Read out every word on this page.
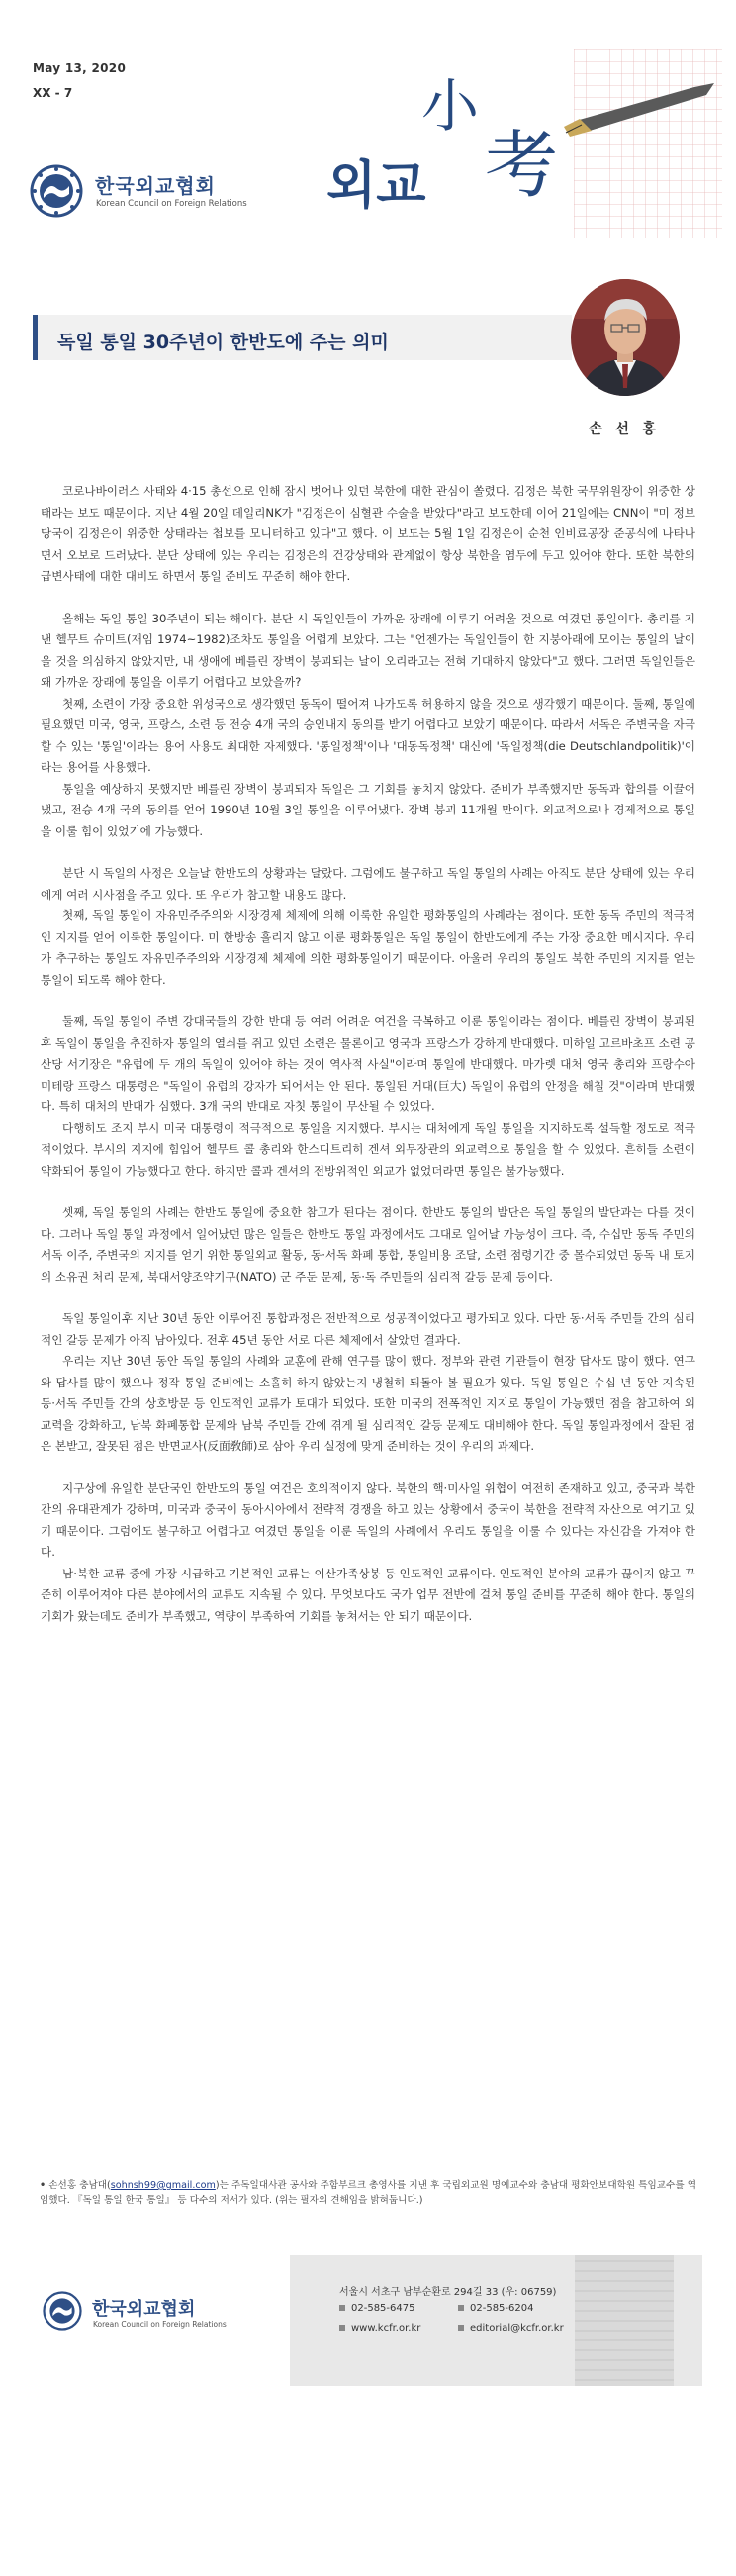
May 13, 2020
XX - 7
한국외교협회
Korean Council on Foreign Relations 외교
小
考
독일 통일 30주년이 한반도에 주는 의미
손 선 홍

코로나바이러스 사태와 4·15 총선으로 인해 잠시 벗어나 있던 북한에 대한 관심이 쏠렸다. 김정은 북한 국무위원장이 위중한 상태라는 보도 때문이다. 지난 4월 20일 데일리NK가 "김정은이 심혈관 수술을 받았다"라고 보도한데 이어 21일에는 CNN이 "미 정보당국이 김정은이 위중한 상태라는 첩보를 모니터하고 있다"고 했다. 이 보도는 5월 1일 김정은이 순천 인비료공장 준공식에 나타나면서 오보로 드러났다. 분단 상태에 있는 우리는 김정은의 건강상태와 관계없이 항상 북한을 염두에 두고 있어야 한다. 또한 북한의 급변사태에 대한 대비도 하면서 통일 준비도 꾸준히 해야 한다.

올해는 독일 통일 30주년이 되는 해이다. 분단 시 독일인들이 가까운 장래에 이루기 어려울 것으로 여겼던 통일이다. 총리를 지낸 헬무트 슈미트(재임 1974~1982)조차도 통일을 어렵게 보았다. 그는 "언젠가는 독일인들이 한 지붕아래에 모이는 통일의 날이 올 것을 의심하지 않았지만, 내 생애에 베를린 장벽이 붕괴되는 날이 오리라고는 전혀 기대하지 않았다"고 했다. 그러면 독일인들은 왜 가까운 장래에 통일을 이루기 어렵다고 보았을까?

첫째, 소련이 가장 중요한 위성국으로 생각했던 동독이 떨어져 나가도록 허용하지 않을 것으로 생각했기 때문이다. 둘째, 통일에 필요했던 미국, 영국, 프랑스, 소련 등 전승 4개 국의 승인내지 동의를 받기 어렵다고 보았기 때문이다. 따라서 서독은 주변국을 자극할 수 있는 '통일'이라는 용어 사용도 최대한 자제했다. '통일정책'이나 '대동독정책' 대신에 '독일정책(die Deutschlandpolitik)'이라는 용어를 사용했다.

통일을 예상하지 못했지만 베를린 장벽이 붕괴되자 독일은 그 기회를 놓치지 않았다. 준비가 부족했지만 동독과 합의를 이끌어냈고, 전승 4개 국의 동의를 얻어 1990년 10월 3일 통일을 이루어냈다. 장벽 붕괴 11개월 만이다. 외교적으로나 경제적으로 통일을 이룰 힘이 있었기에 가능했다.

분단 시 독일의 사정은 오늘날 한반도의 상황과는 달랐다. 그럼에도 불구하고 독일 통일의 사례는 아직도 분단 상태에 있는 우리에게 여러 시사점을 주고 있다. 또 우리가 참고할 내용도 많다.

첫째, 독일 통일이 자유민주주의와 시장경제 체제에 의해 이룩한 유일한 평화통일의 사례라는 점이다. 또한 동독 주민의 적극적인 지지를 얻어 이룩한 통일이다. 미 한방송 흘리지 않고 이룬 평화통일은 독일 통일이 한반도에게 주는 가장 중요한 메시지다. 우리가 추구하는 통일도 자유민주주의와 시장경제 체제에 의한 평화통일이기 때문이다. 아울러 우리의 통일도 북한 주민의 지지를 얻는 통일이 되도록 해야 한다.

둘째, 독일 통일이 주변 강대국들의 강한 반대 등 여러 어려운 여건을 극복하고 이룬 통일이라는 점이다. 베를린 장벽이 붕괴된 후 독일이 통일을 추진하자 통일의 열쇠를 쥐고 있던 소련은 물론이고 영국과 프랑스가 강하게 반대했다. 미하일 고르바초프 소련 공산당 서기장은 "유럽에 두 개의 독일이 있어야 하는 것이 역사적 사실"이라며 통일에 반대했다. 마가렛 대처 영국 총리와 프랑수아 미테랑 프랑스 대통령은 "독일이 유럽의 강자가 되어서는 안 된다. 통일된 거대(巨大) 독일이 유럽의 안정을 해칠 것"이라며 반대했다. 특히 대처의 반대가 심했다. 3개 국의 반대로 자칫 통일이 무산될 수 있었다.

다행히도 조지 부시 미국 대통령이 적극적으로 통일을 지지했다. 부시는 대처에게 독일 통일을 지지하도록 설득할 정도로 적극적이었다. 부시의 지지에 힘입어 헬무트 콜 총리와 한스디트리히 겐셔 외무장관의 외교력으로 통일을 할 수 있었다. 흔히들 소련이 약화되어 통일이 가능했다고 한다. 하지만 콜과 겐셔의 전방위적인 외교가 없었더라면 통일은 불가능했다.

셋째, 독일 통일의 사례는 한반도 통일에 중요한 참고가 된다는 점이다. 한반도 통일의 발단은 독일 통일의 발단과는 다를 것이다. 그러나 독일 통일 과정에서 일어났던 많은 일들은 한반도 통일 과정에서도 그대로 일어날 가능성이 크다. 즉, 수십만 동독 주민의 서독 이주, 주변국의 지지를 얻기 위한 통일외교 활동, 동·서독 화폐 통합, 통일비용 조달, 소련 점령기간 중 몰수되었던 동독 내 토지의 소유권 처리 문제, 북대서양조약기구(NATO) 군 주둔 문제, 동·독 주민들의 심리적 갈등 문제 등이다.

독일 통일이후 지난 30년 동안 이루어진 통합과정은 전반적으로 성공적이었다고 평가되고 있다. 다만 동·서독 주민들 간의 심리적인 갈등 문제가 아직 남아있다. 전후 45년 동안 서로 다른 체제에서 살았던 결과다.

우리는 지난 30년 동안 독일 통일의 사례와 교훈에 관해 연구를 많이 했다. 정부와 관련 기관들이 현장 답사도 많이 했다. 연구와 답사를 많이 했으나 정작 통일 준비에는 소홀히 하지 않았는지 냉철히 되돌아 볼 필요가 있다. 독일 통일은 수십 년 동안 지속된 동·서독 주민들 간의 상호방문 등 인도적인 교류가 토대가 되었다. 또한 미국의 전폭적인 지지로 통일이 가능했던 점을 참고하여 외교력을 강화하고, 남북 화폐통합 문제와 남북 주민들 간에 겪게 될 심리적인 갈등 문제도 대비해야 한다. 독일 통일과정에서 잘된 점은 본받고, 잘못된 점은 반면교사(反面敎師)로 삼아 우리 실정에 맞게 준비하는 것이 우리의 과제다.

지구상에 유일한 분단국인 한반도의 통일 여건은 호의적이지 않다. 북한의 핵·미사일 위협이 여전히 존재하고 있고, 중국과 북한 간의 유대관계가 강하며, 미국과 중국이 동아시아에서 전략적 경쟁을 하고 있는 상황에서 중국이 북한을 전략적 자산으로 여기고 있기 때문이다. 그럼에도 불구하고 어렵다고 여겼던 통일을 이룬 독일의 사례에서 우리도 통일을 이룰 수 있다는 자신감을 가져야 한다.

남·북한 교류 중에 가장 시급하고 기본적인 교류는 이산가족상봉 등 인도적인 교류이다. 인도적인 분야의 교류가 끊이지 않고 꾸준히 이루어져야 다른 분야에서의 교류도 지속될 수 있다. 무엇보다도 국가 업무 전반에 걸쳐 통일 준비를 꾸준히 해야 한다. 통일의 기회가 왔는데도 준비가 부족했고, 역량이 부족하여 기회를 놓쳐서는 안 되기 때문이다.

• 손선홍 충남대(sohnsh99@gmail.com)는 주독일대사관 공사와 주함부르크 총영사를 지낸 후 국립외교원 명예교수와 충남대 평화안보대학원 특임교수를 역임했다. 『독일 통일 한국 통일』 등 다수의 저서가 있다. (위는 필자의 견해임을 밝혀둡니다.)
한국외교협회
Korean Council on Foreign Relations
서울시 서초구 남부순환로 294길 33 (우: 06759)
02-585-6475	02-585-6204
www.kcfr.or.kr	editorial@kcfr.or.kr
